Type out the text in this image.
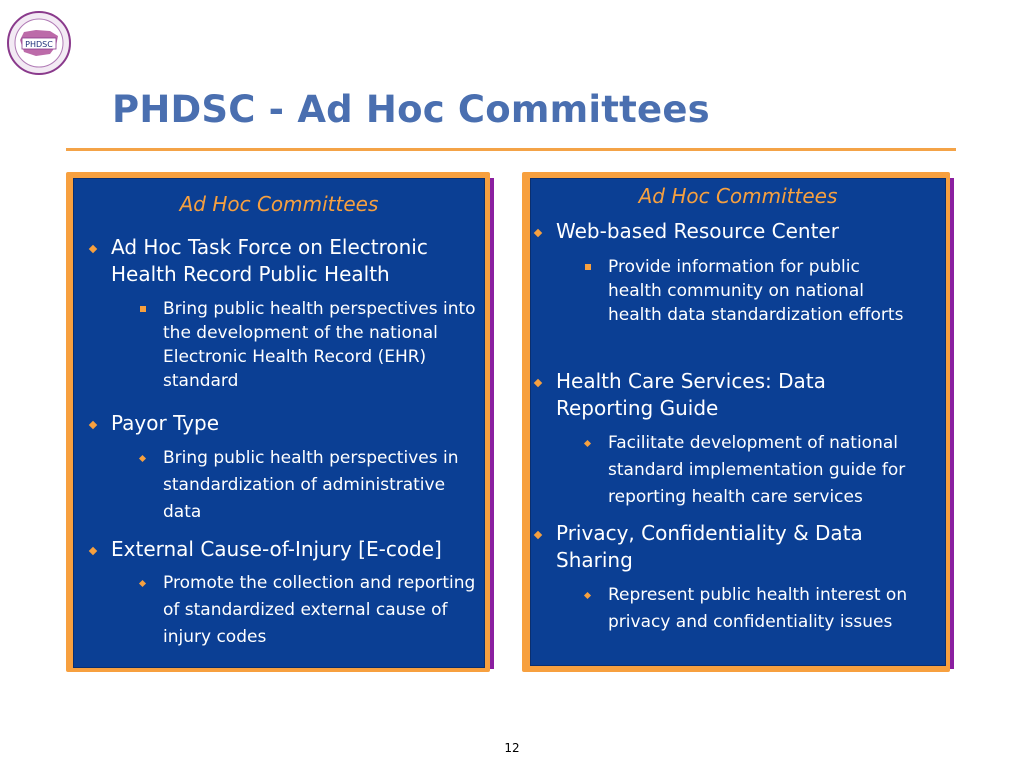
PHDSC
PHDSC - Ad Hoc Committees
Ad Hoc Committees
Ad Hoc Task Force on Electronic Health Record Public Health
Bring public health perspectives into the development of the national Electronic Health Record (EHR) standard
Payor Type
Bring public health perspectives in standardization of administrative data
External Cause-of-Injury [E-code]
Promote the collection and reporting of standardized external cause of injury codes
Ad Hoc Committees
Web-based Resource Center
Provide information for public health community on national health data standardization efforts
Health Care Services: Data Reporting Guide
Facilitate development of national standard implementation guide for reporting health care services
Privacy, Confidentiality & Data Sharing
Represent public health interest on privacy and confidentiality issues
12
